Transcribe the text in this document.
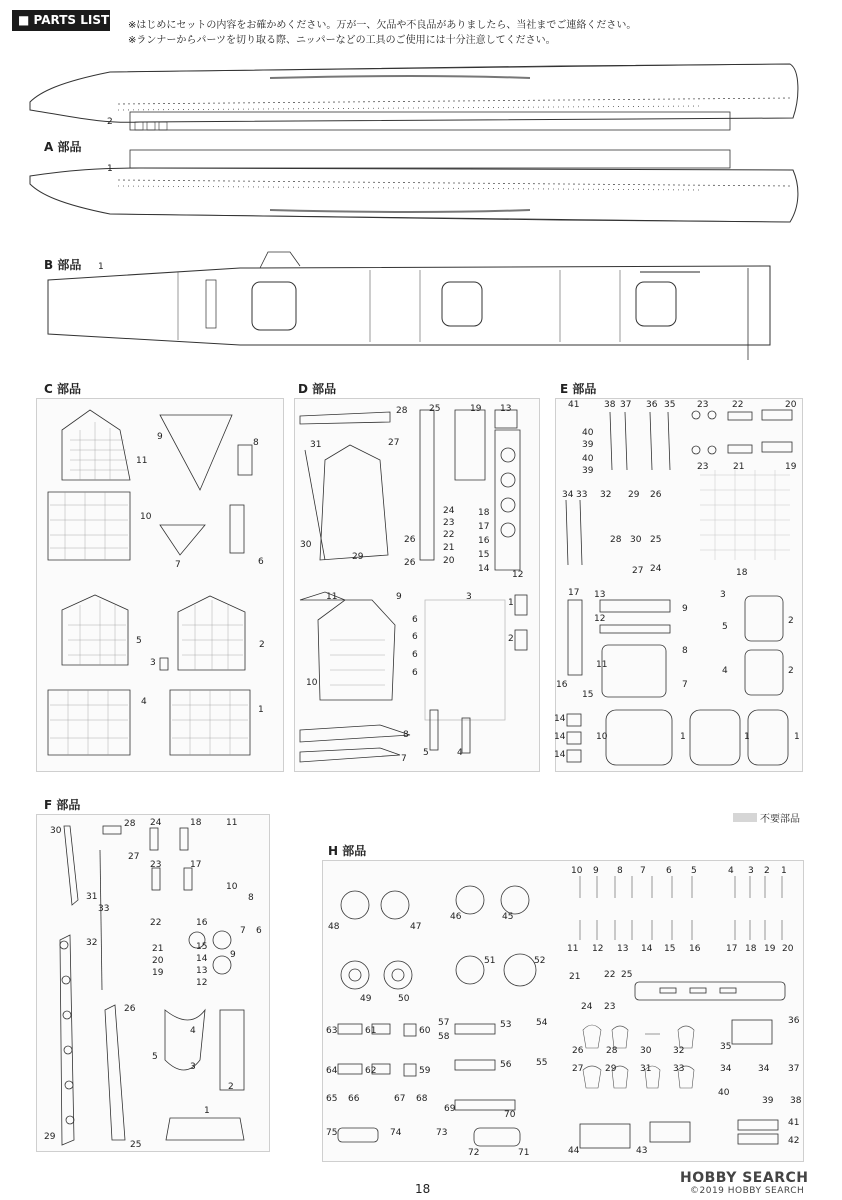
■ PARTS LIST ※はじめにセットの内容をお確かめください。万が一、欠品や不良品がありましたら、当社までご連絡ください。
※ランナーからパーツを切り取る際、ニッパーなどの工具のご使用には十分注意してください。
2
A 部品
1
B 部品 1
C 部品
11
9
8
10
7	6
5	2
3
4
1
D 部品
28
31	27
25	19 13
30
29
24
23
22
21
20
26
26
18
17
16
15
14
12
11	9
10
6
6
6
6
3
1
2
8
7
5	4
E 部品
41
40
39
40
39
38 37 36 35 23	22	20
23	21	19
34 33 32 29 26
28 30
27
25
24	18
17 13
12
11
16
15
9
8
7
3
5
4
2
2
14
14
14
10	1	1	1
不要部品
F 部品
30
28
27
24	18	11
23	17
10
8
31
33
32
22
21
20
19
16
15
14
13
12
9
7
26
4
5
3
2
1
29
25
6
H 部品
48	47
46	45
49	50
51	52
10 9 8 7 6 5	4 3 2 1
11 12 13 14 15 16	17 18 19 20
21	22
23
24
25
63	61	60
57
58
53	54
64	62	59
56	55
65 66	67 68
69
70
75	74	73
72	71
26	28	30 32
27 29	31 33
36
35
34	34 37
40
39 38
41
42
43
44
18
HOBBY SEARCH
©2019 HOBBY SEARCH
